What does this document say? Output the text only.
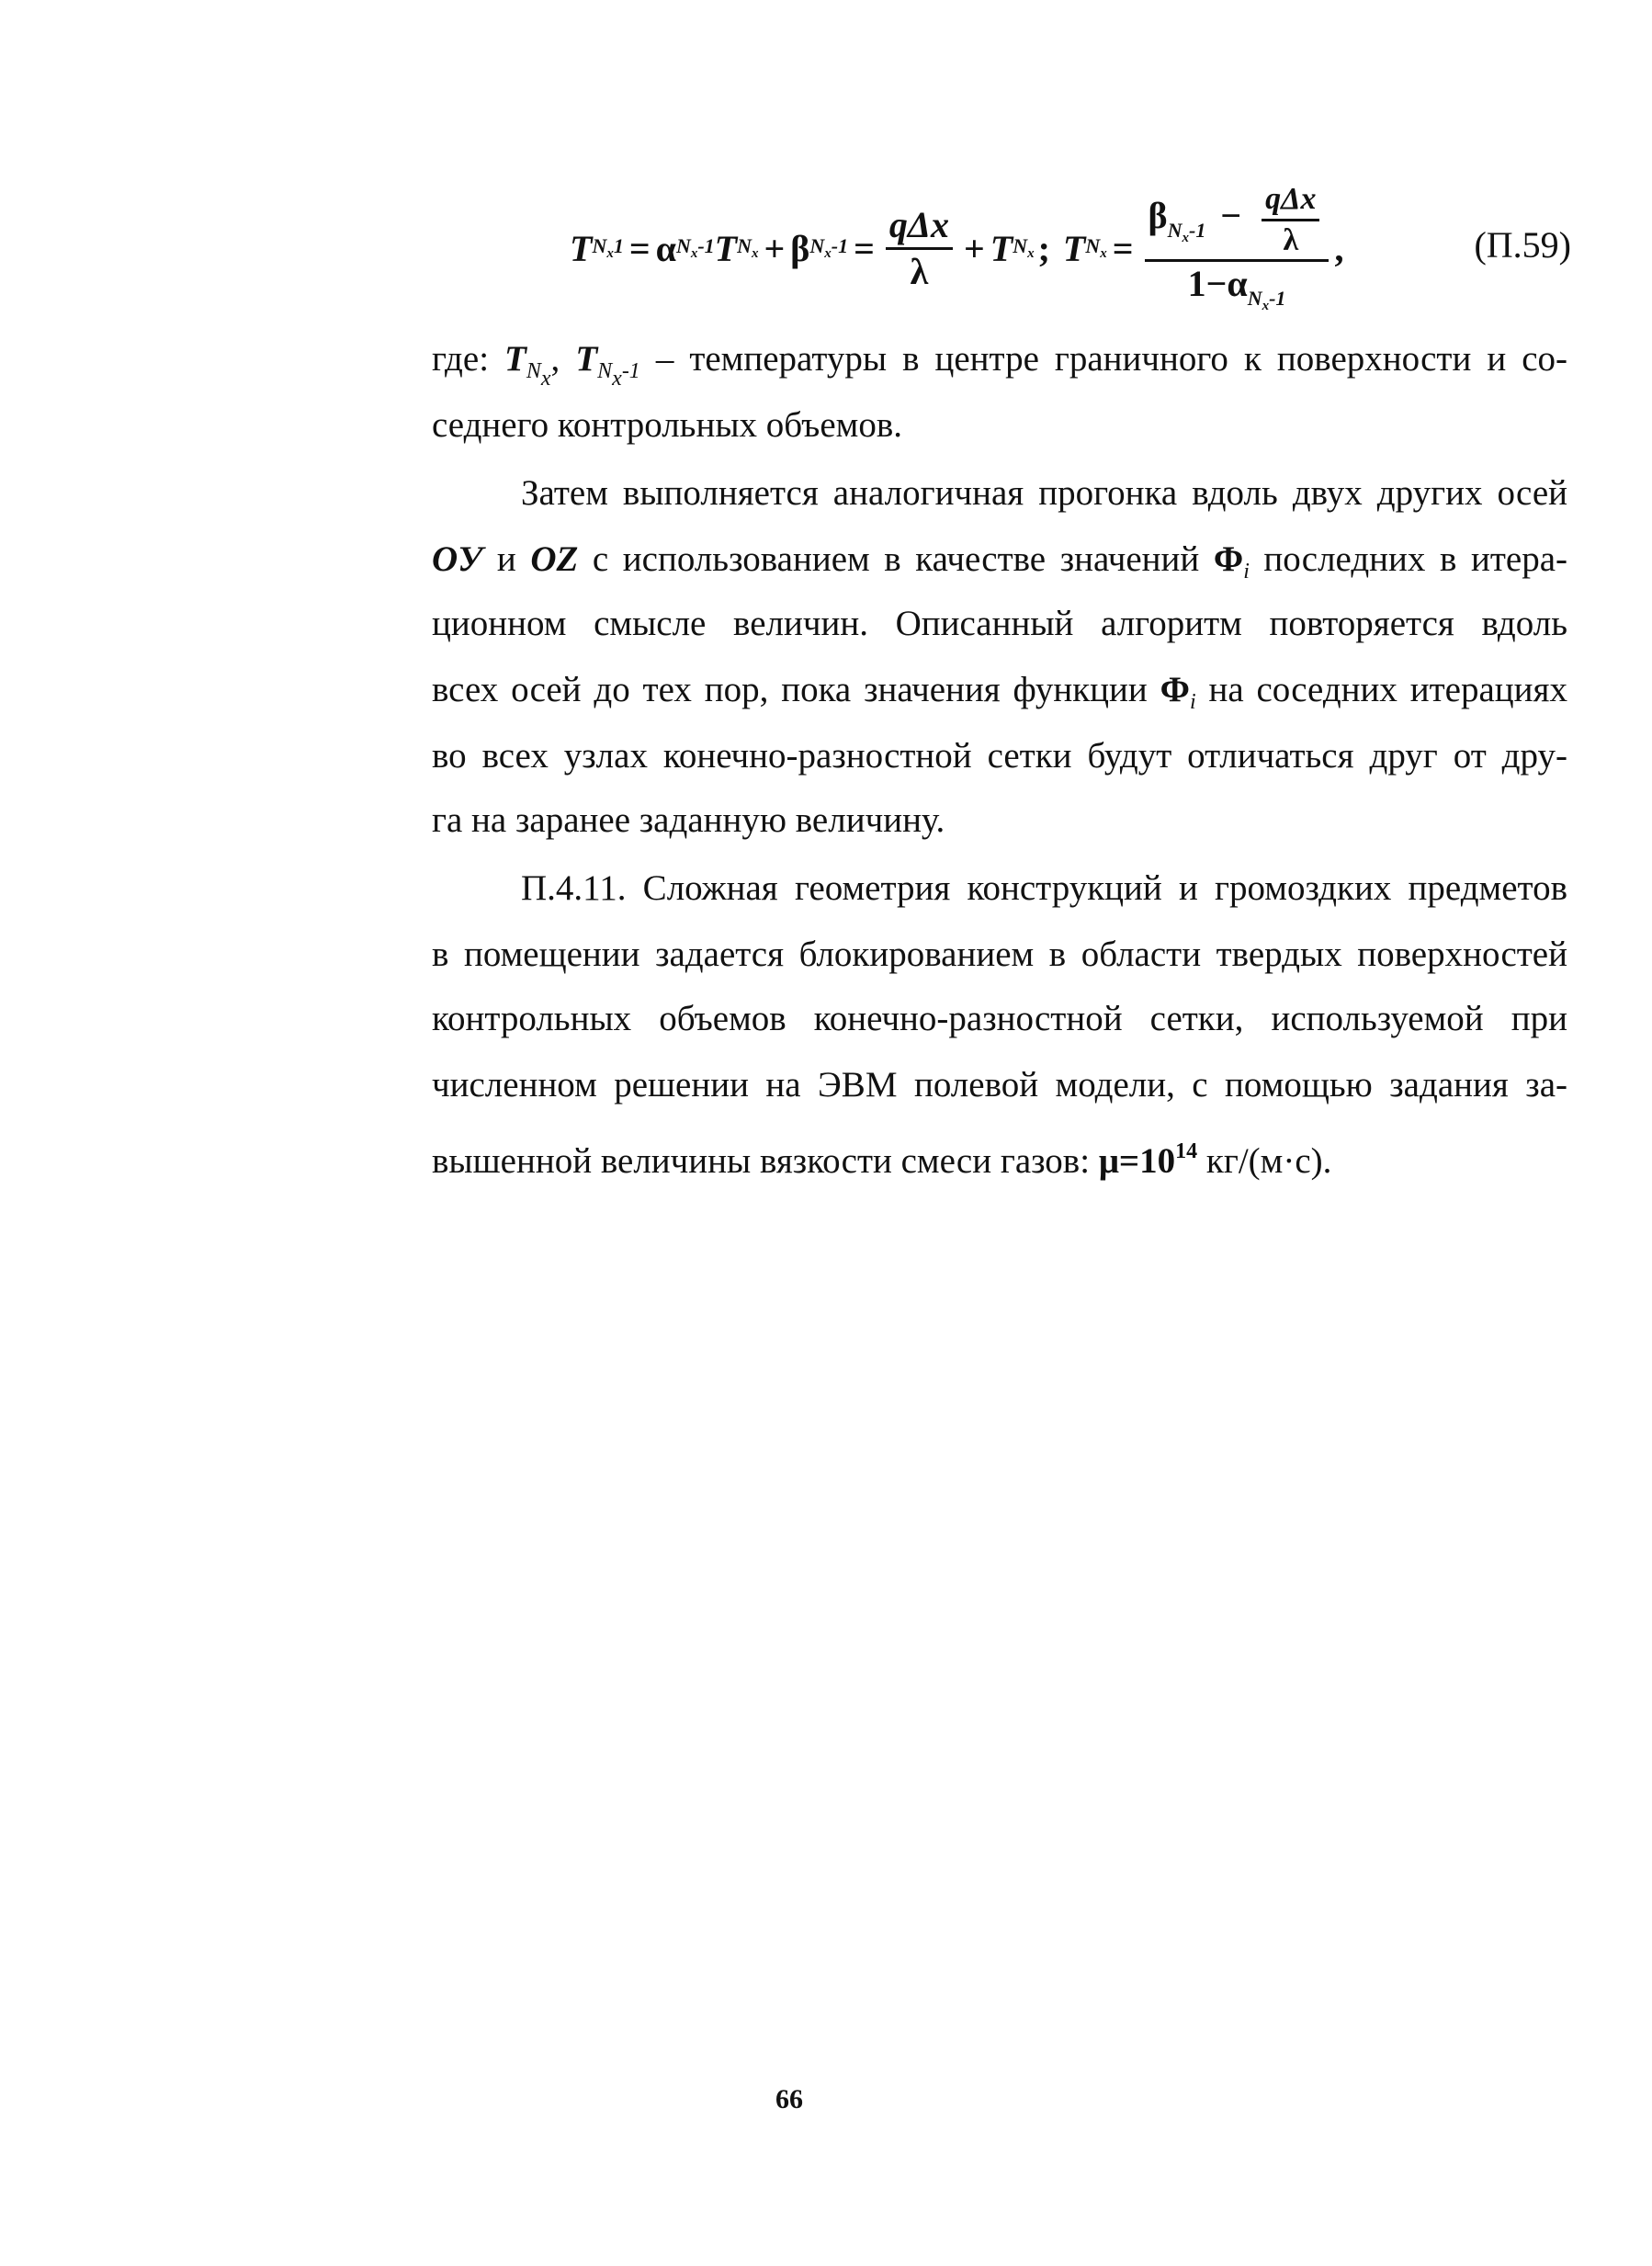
T $N_x1 = \alpha$ $N_x-1$ T $N_x + \beta$ $N_x-1 = \frac{\text{qΔx}}{\lambda} + T$ $N_x$ ; T $N_x = \frac{\beta_{N_x-1} - \frac{\text{qΔx}}{\lambda}}{1-\alpha_{N_x-1}}$ ,	(П.59)
где: $T_{N_x}$, $T_{N_x-1}$ – температуры в центре граничного к поверхности и со-
седнего контрольных объемов.
Затем выполняется аналогичная прогонка вдоль двух других осей
OУ и OZ с использованием в качестве значений $\Phi_i$ последних в итера-
ционном смысле величин. Описанный алгоритм повторяется вдоль
всех осей до тех пор, пока значения функции $\Phi_i$ на соседних итерациях
во всех узлах конечно-разностной сетки будут отличаться друг от дру-
га на заранее заданную величину.
П.4.11. Сложная геометрия конструкций и громоздких предметов
в помещении задается блокированием в области твердых поверхностей
контрольных объемов конечно-разностной сетки, используемой при
численном решении на ЭВМ полевой модели, с помощью задания за-
вышенной величины вязкости смеси газов: $\mu=10^{14}$ кг/(м·с).
66
